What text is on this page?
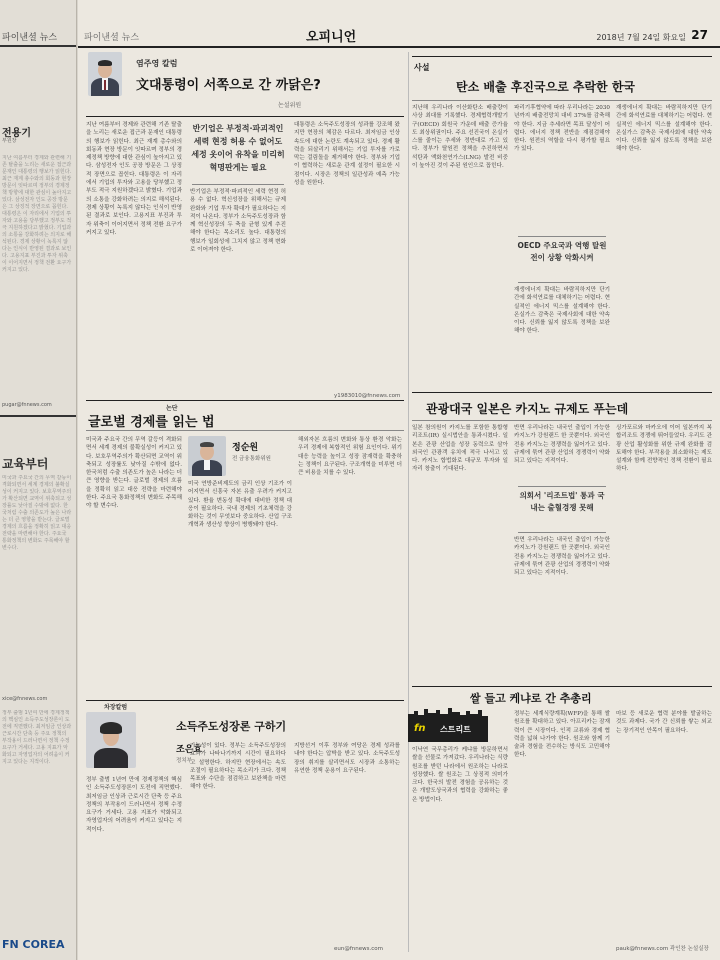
파이낸셜 뉴스
전용기
부원장
지난 여름부터 경제와 관련해 기존 탈출을 노리는 새로운 접근과 문재인 대통령의 행보가 읽힌다. 최근 재계 총수와의 회동과 현장 방문이 잇따르며 정부의 경제정책 방향에 대한 관심이 높아지고 있다. 삼성전자 인도 공장 방문은 그 상징적 장면으로 꼽힌다. 대통령은 이 자리에서 기업의 투자와 고용을 당부했고 정부도 적극 지원하겠다고 밝혔다. 기업과의 소통을 강화하려는 의지로 해석된다. 경제 상황이 녹록지 않다는 인식이 반영된 결과로 보인다. 고용지표 부진과 투자 위축이 이어지면서 정책 전환 요구가 커지고 있다.
pugar@fnnews.com
교육부터
미국과 주요국 간의 무역 갈등이 격화되면서 세계 경제의 불확실성이 커지고 있다. 보호무역주의가 확산되면 교역이 위축되고 성장률도 낮아질 수밖에 없다. 한국처럼 수출 의존도가 높은 나라는 더 큰 영향을 받는다. 글로벌 경제의 흐름을 정확히 읽고 대응 전략을 마련해야 한다. 주요국 통화정책의 변화도 주목해야 할 변수다.
xice@fnnews.com
정부 출범 1년여 만에 경제정책의 핵심인 소득주도성장론이 도전에 직면했다. 최저임금 인상과 근로시간 단축 등 주요 정책의 부작용이 드러나면서 정책 수정 요구가 거세다. 고용 지표가 악화되고 자영업자의 어려움이 커지고 있다는 지적이다.
FN COREA
파이낸셜 뉴스	오피니언	2018년 7월 24일 화요일 27
염주영 칼럼
文대통령이 서쪽으로 간 까닭은?
논설위원
지난 여름부터 경제와 관련해 기존 탈출을 노리는 새로운 접근과 문재인 대통령의 행보가 읽힌다. 최근 재계 총수와의 회동과 현장 방문이 잇따르며 정부의 경제정책 방향에 대한 관심이 높아지고 있다. 삼성전자 인도 공장 방문은 그 상징적 장면으로 꼽힌다. 대통령은 이 자리에서 기업의 투자와 고용을 당부했고 정부도 적극 지원하겠다고 밝혔다. 기업과의 소통을 강화하려는 의지로 해석된다. 경제 상황이 녹록지 않다는 인식이 반영된 결과로 보인다. 고용지표 부진과 투자 위축이 이어지면서 정책 전환 요구가 커지고 있다.
반기업은 부정적·파괴적인 세력 현정 허용 수 없어도 세정 옷이어 유착을 미리히 혁명판게는 필요
반기업은 부정적·파괴적인 세력 현정 허용 수 없다. 혁신성장을 위해서는 규제 완화와 기업 투자 확대가 필요하다는 지적이 나온다. 정부가 소득주도성장과 함께 혁신성장의 두 축을 균형 있게 추진해야 한다는 목소리도 높다. 대통령의 행보가 일회성에 그치지 않고 정책 변화로 이어져야 한다.
대통령은 소득주도성장의 성과를 강조해 왔지만 현장의 체감은 다르다. 최저임금 인상 속도에 대한 논란도 계속되고 있다. 경제 활력을 되살리기 위해서는 기업 투자를 가로막는 걸림돌을 제거해야 한다. 정부와 기업이 협력하는 새로운 관계 설정이 필요한 시점이다. 시장은 정책의 일관성과 예측 가능성을 원한다.
y1983010@fnnews.com
논단
글로벌 경제를 읽는 법
미국과 주요국 간의 무역 갈등이 격화되면서 세계 경제의 불확실성이 커지고 있다. 보호무역주의가 확산되면 교역이 위축되고 성장률도 낮아질 수밖에 없다. 한국처럼 수출 의존도가 높은 나라는 더 큰 영향을 받는다. 글로벌 경제의 흐름을 정확히 읽고 대응 전략을 마련해야 한다. 주요국 통화정책의 변화도 주목해야 할 변수다.
정순원
전 금융통화위원
미국 연방준비제도의 금리 인상 기조가 이어지면서 신흥국 자본 유출 우려가 커지고 있다. 환율 변동성 확대에 대비한 정책 대응이 필요하다. 국내 경제의 기초체력을 강화하는 것이 무엇보다 중요하다. 산업 구조 개혁과 생산성 향상이 병행돼야 한다.
해외자본 흐름의 변화와 통상 환경 악화는 우리 경제에 복합적인 위험 요인이다. 위기 대응 능력을 높이고 성장 잠재력을 확충하는 정책이 요구된다. 구조개혁을 미루면 더 큰 비용을 치를 수 있다.
차장칼럼
소득주도성장론 구하기
조은효
정치부
정부 출범 1년여 만에 경제정책의 핵심인 소득주도성장론이 도전에 직면했다. 최저임금 인상과 근로시간 단축 등 주요 정책의 부작용이 드러나면서 정책 수정 요구가 거세다. 고용 지표가 악화되고 자영업자의 어려움이 커지고 있다는 지적이다.
가능성이 있다. 정부는 소득주도성장의 효과가 나타나기까지 시간이 필요하다고 설명한다. 하지만 현장에서는 속도 조절이 필요하다는 목소리가 크다. 정책 목표와 수단을 점검하고 보완책을 마련해야 한다.
지방선거 이후 정부와 여당은 경제 성과를 내야 한다는 압박을 받고 있다. 소득주도성장의 취지를 살리면서도 시장과 소통하는 유연한 정책 운용이 요구된다.
eun@fnnews.com
사설
탄소 배출 후진국으로 추락한 한국
지난해 우리나라 이산화탄소 배출량이 사상 최대를 기록했다. 경제협력개발기구(OECD) 회원국 가운데 배출 증가율도 최상위권이다. 주요 선진국이 온실가스를 줄이는 추세와 정반대로 가고 있다. 정부가 탈원전 정책을 추진하면서 석탄과 액화천연가스(LNG) 발전 비중이 높아진 것이 주된 원인으로 꼽힌다.
OECD 주요국과 역행 탈원전이 상황 악화시켜
파리기후협약에 따라 우리나라는 2030년까지 배출전망치 대비 37%를 감축해야 한다. 지금 추세라면 목표 달성이 어렵다. 에너지 정책 전반을 재점검해야 한다. 원전의 역할을 다시 평가할 필요가 있다.
재생에너지 확대는 바람직하지만 단기간에 화석연료를 대체하기는 어렵다. 현실적인 에너지 믹스를 설계해야 한다. 온실가스 감축은 국제사회에 대한 약속이다. 신뢰를 잃지 않도록 정책을 보완해야 한다.
재생에너지 확대는 바람직하지만 단기간에 화석연료를 대체하기는 어렵다. 현실적인 에너지 믹스를 설계해야 한다. 온실가스 감축은 국제사회에 대한 약속이다. 신뢰를 잃지 않도록 정책을 보완해야 한다.
관광대국 일본은 카지노 규제도 푸는데
일본 참의원이 카지노를 포함한 통합형 리조트(IR) 실시법안을 통과시켰다. 일본은 관광 산업을 성장 동력으로 삼아 외국인 관광객 유치에 적극 나서고 있다. 카지노 합법화로 대규모 투자와 일자리 창출이 기대된다.
반면 우리나라는 내국인 출입이 가능한 카지노가 강원랜드 한 곳뿐이다. 외국인 전용 카지노는 경쟁력을 잃어가고 있다. 규제에 묶여 관광 산업의 경쟁력이 약화되고 있다는 지적이다.
의회서 '리조트법' 통과 국내는 출혈경쟁 못해
반면 우리나라는 내국인 출입이 가능한 카지노가 강원랜드 한 곳뿐이다. 외국인 전용 카지노는 경쟁력을 잃어가고 있다. 규제에 묶여 관광 산업의 경쟁력이 약화되고 있다는 지적이다.
싱가포르와 마카오에 이어 일본까지 복합리조트 경쟁에 뛰어들었다. 우리도 관광 산업 활성화를 위한 규제 완화를 검토해야 한다. 부작용을 최소화하는 제도 설계와 함께 전향적인 정책 전환이 필요하다.
쌀 들고 케냐로 간 추총리
fn 스트리트
이낙연 국무총리가 케냐를 방문하면서 쌀을 선물로 가져갔다. 우리나라는 식량 원조를 받던 나라에서 원조하는 나라로 성장했다. 쌀 원조는 그 상징적 의미가 크다. 한국의 발전 경험을 공유하는 것은 개발도상국과의 협력을 강화하는 좋은 방법이다.
정부는 세계식량계획(WFP)을 통해 쌀 원조를 확대하고 있다. 아프리카는 잠재력이 큰 시장이다. 인적 교류와 경제 협력을 넓혀 나가야 한다. 원조와 함께 기술과 경험을 전수하는 방식도 고민해야 한다.
마보 등 새로운 협력 분야를 발굴하는 것도 과제다. 국가 간 신뢰를 쌓는 외교는 장기적인 안목이 필요하다.
pauk@fnnews.com 곽인찬 논설실장
